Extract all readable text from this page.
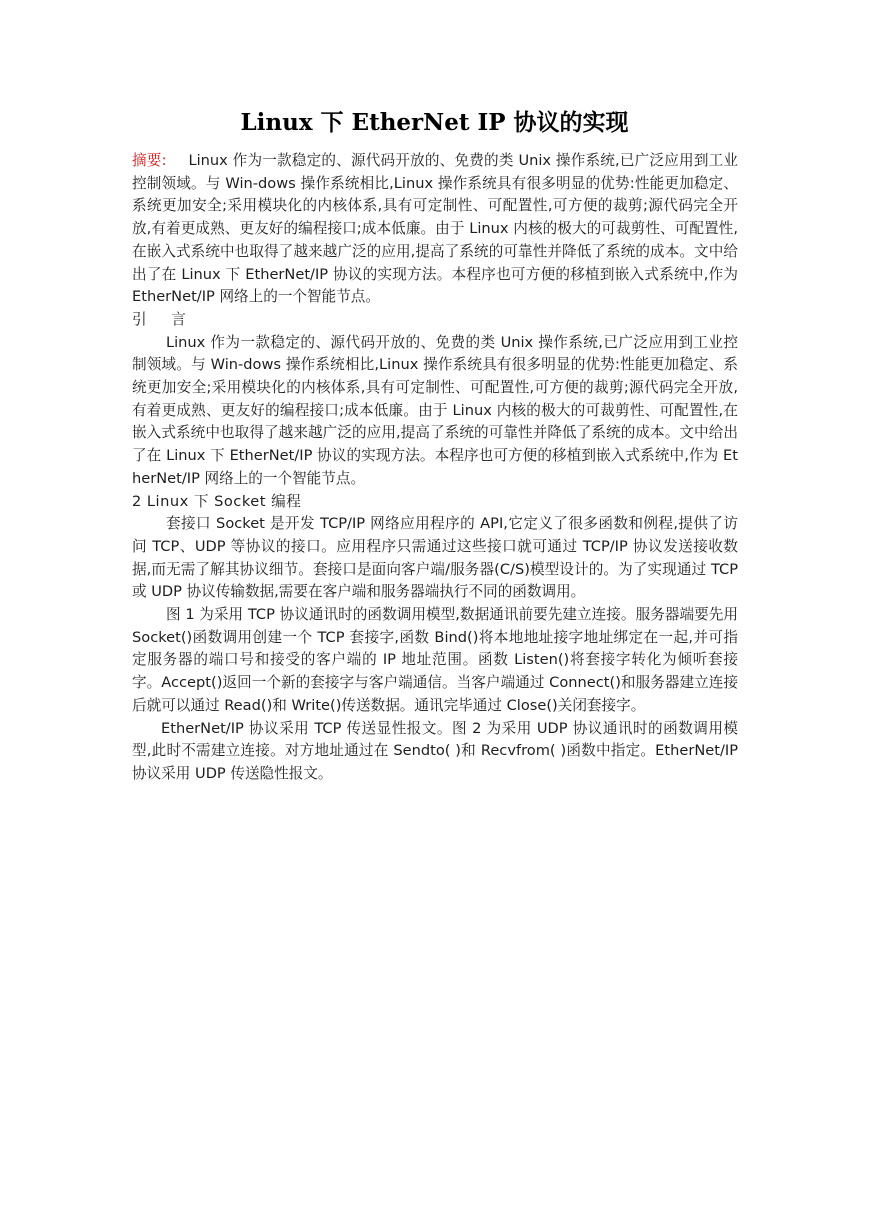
Linux 下 EtherNet IP 协议的实现

摘要: Linux 作为一款稳定的、源代码开放的、免费的类 Unix 操作系统,已广泛应用到工业控制领域。与 Win-dows 操作系统相比,Linux 操作系统具有很多明显的优势:性能更加稳定、系统更加安全;采用模块化的内核体系,具有可定制性、可配置性,可方便的裁剪;源代码完全开放,有着更成熟、更友好的编程接口;成本低廉。由于 Linux 内核的极大的可裁剪性、可配置性,在嵌入式系统中也取得了越来越广泛的应用,提高了系统的可靠性并降低了系统的成本。文中给出了在 Linux 下 EtherNet/IP 协议的实现方法。本程序也可方便的移植到嵌入式系统中,作为 EtherNet/IP 网络上的一个智能节点。

引 言

Linux 作为一款稳定的、源代码开放的、免费的类 Unix 操作系统,已广泛应用到工业控制领域。与 Win-dows 操作系统相比,Linux 操作系统具有很多明显的优势:性能更加稳定、系统更加安全;采用模块化的内核体系,具有可定制性、可配置性,可方便的裁剪;源代码完全开放,有着更成熟、更友好的编程接口;成本低廉。由于 Linux 内核的极大的可裁剪性、可配置性,在嵌入式系统中也取得了越来越广泛的应用,提高了系统的可靠性并降低了系统的成本。文中给出了在 Linux 下 EtherNet/IP 协议的实现方法。本程序也可方便的移植到嵌入式系统中,作为 EtherNet/IP 网络上的一个智能节点。

2 Linux 下 Socket 编程

套接口 Socket 是开发 TCP/IP 网络应用程序的 API,它定义了很多函数和例程,提供了访问 TCP、UDP 等协议的接口。应用程序只需通过这些接口就可通过 TCP/IP 协议发送接收数据,而无需了解其协议细节。套接口是面向客户端/服务器(C/S)模型设计的。为了实现通过 TCP 或 UDP 协议传输数据,需要在客户端和服务器端执行不同的函数调用。

图 1 为采用 TCP 协议通讯时的函数调用模型,数据通讯前要先建立连接。服务器端要先用 Socket()函数调用创建一个 TCP 套接字,函数 Bind()将本地地址接字地址绑定在一起,并可指定服务器的端口号和接受的客户端的 IP 地址范围。函数 Listen()将套接字转化为倾听套接字。Accept()返回一个新的套接字与客户端通信。当客户端通过 Connect()和服务器建立连接后就可以通过 Read()和 Write()传送数据。通讯完毕通过 Close()关闭套接字。

EtherNet/IP 协议采用 TCP 传送显性报文。图 2 为采用 UDP 协议通讯时的函数调用模型,此时不需建立连接。对方地址通过在 Sendto( )和 Recvfrom( )函数中指定。EtherNet/IP 协议采用 UDP 传送隐性报文。
